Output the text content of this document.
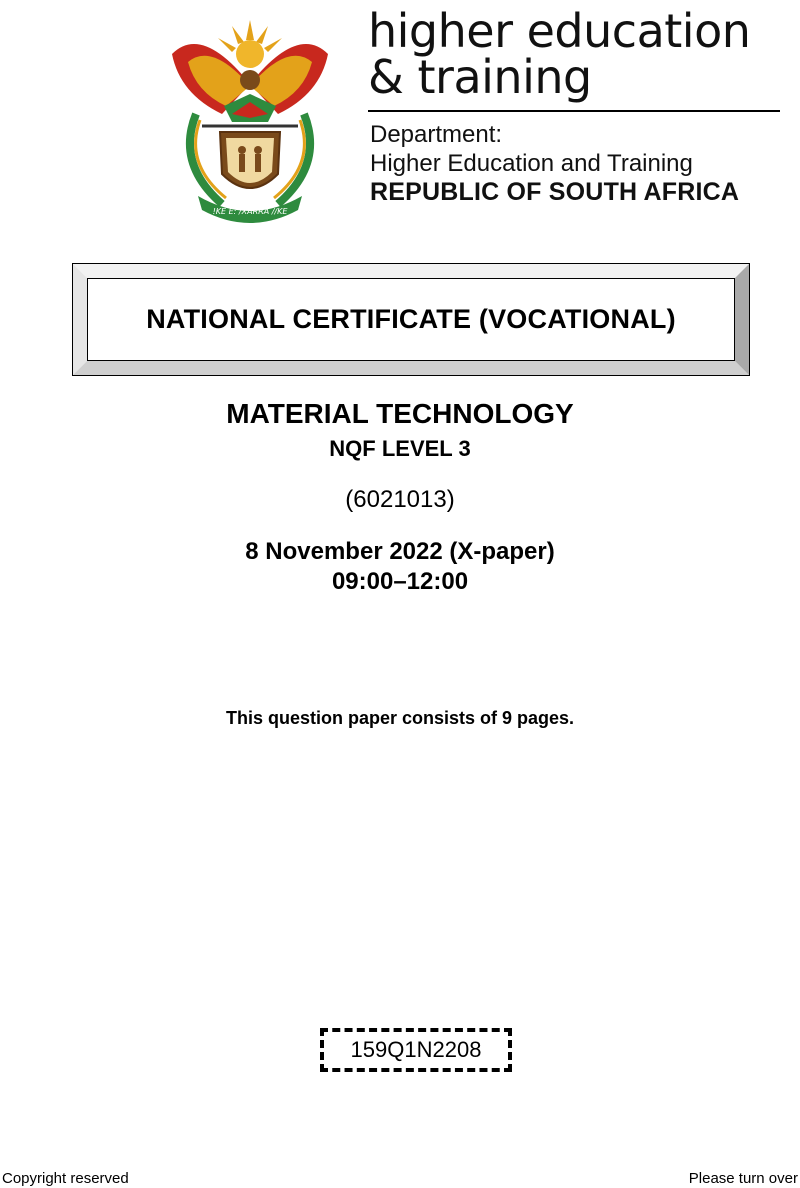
!KE E: /XARRA //KE
higher education
& training
Department:
Higher Education and Training
REPUBLIC OF SOUTH AFRICA
NATIONAL CERTIFICATE (VOCATIONAL)
MATERIAL TECHNOLOGY
NQF LEVEL 3
(6021013)
8 November 2022 (X-paper)
09:00–12:00
This question paper consists of 9 pages.
159Q1N2208
Copyright reserved	Please turn over
